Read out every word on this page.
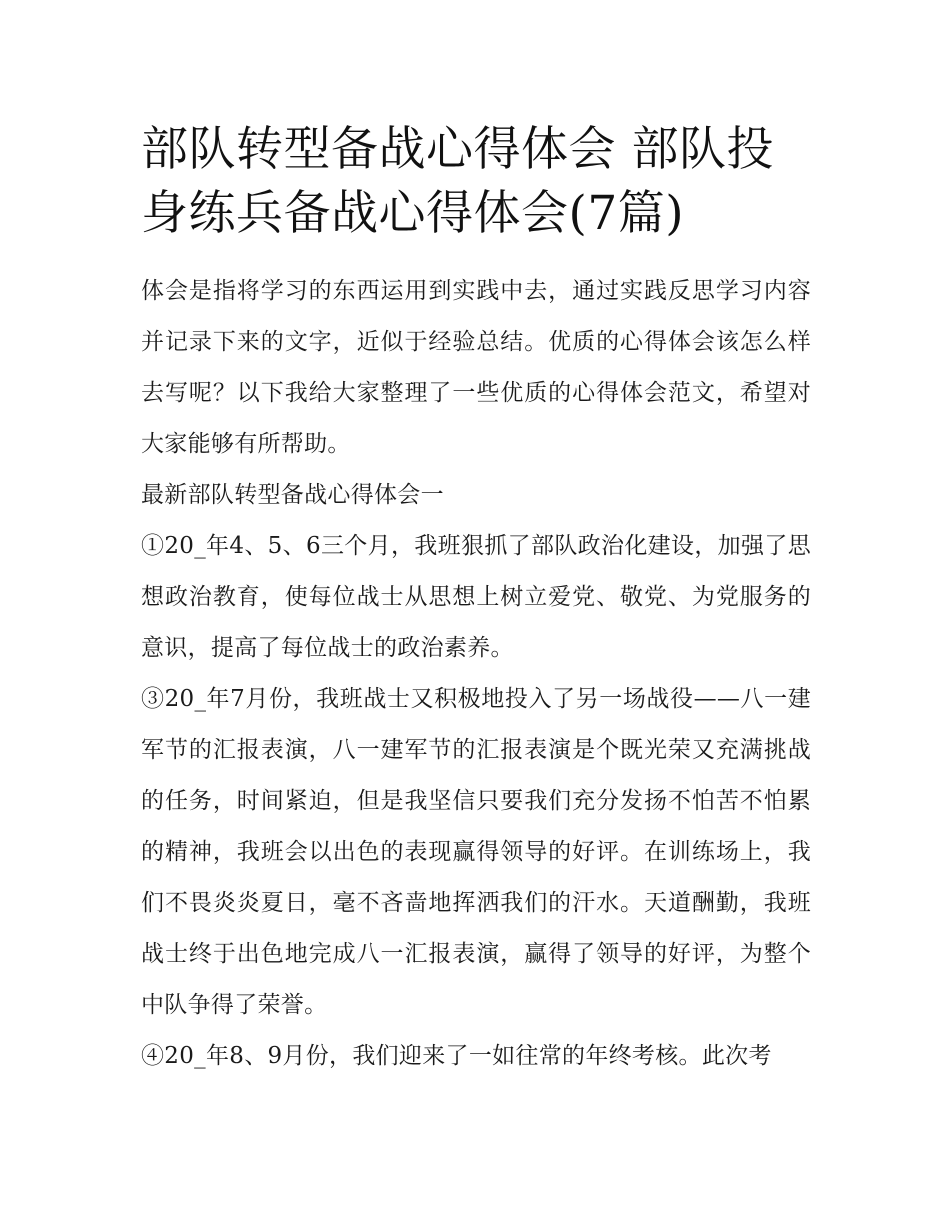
部队转型备战心得体会 部队投身练兵备战心得体会(7篇)

体会是指将学习的东西运用到实践中去，通过实践反思学习内容并记录下来的文字，近似于经验总结。优质的心得体会该怎么样去写呢？以下我给大家整理了一些优质的心得体会范文，希望对大家能够有所帮助。

最新部队转型备战心得体会一

①20_年4、5、6三个月，我班狠抓了部队政治化建设，加强了思想政治教育，使每位战士从思想上树立爱党、敬党、为党服务的意识，提高了每位战士的政治素养。

③20_年7月份，我班战士又积极地投入了另一场战役——八一建军节的汇报表演，八一建军节的汇报表演是个既光荣又充满挑战的任务，时间紧迫，但是我坚信只要我们充分发扬不怕苦不怕累的精神，我班会以出色的表现赢得领导的好评。在训练场上，我们不畏炎炎夏日，毫不吝啬地挥洒我们的汗水。天道酬勤，我班战士终于出色地完成八一汇报表演，赢得了领导的好评，为整个中队争得了荣誉。

④20_年8、9月份，我们迎来了一如往常的年终考核。此次考
